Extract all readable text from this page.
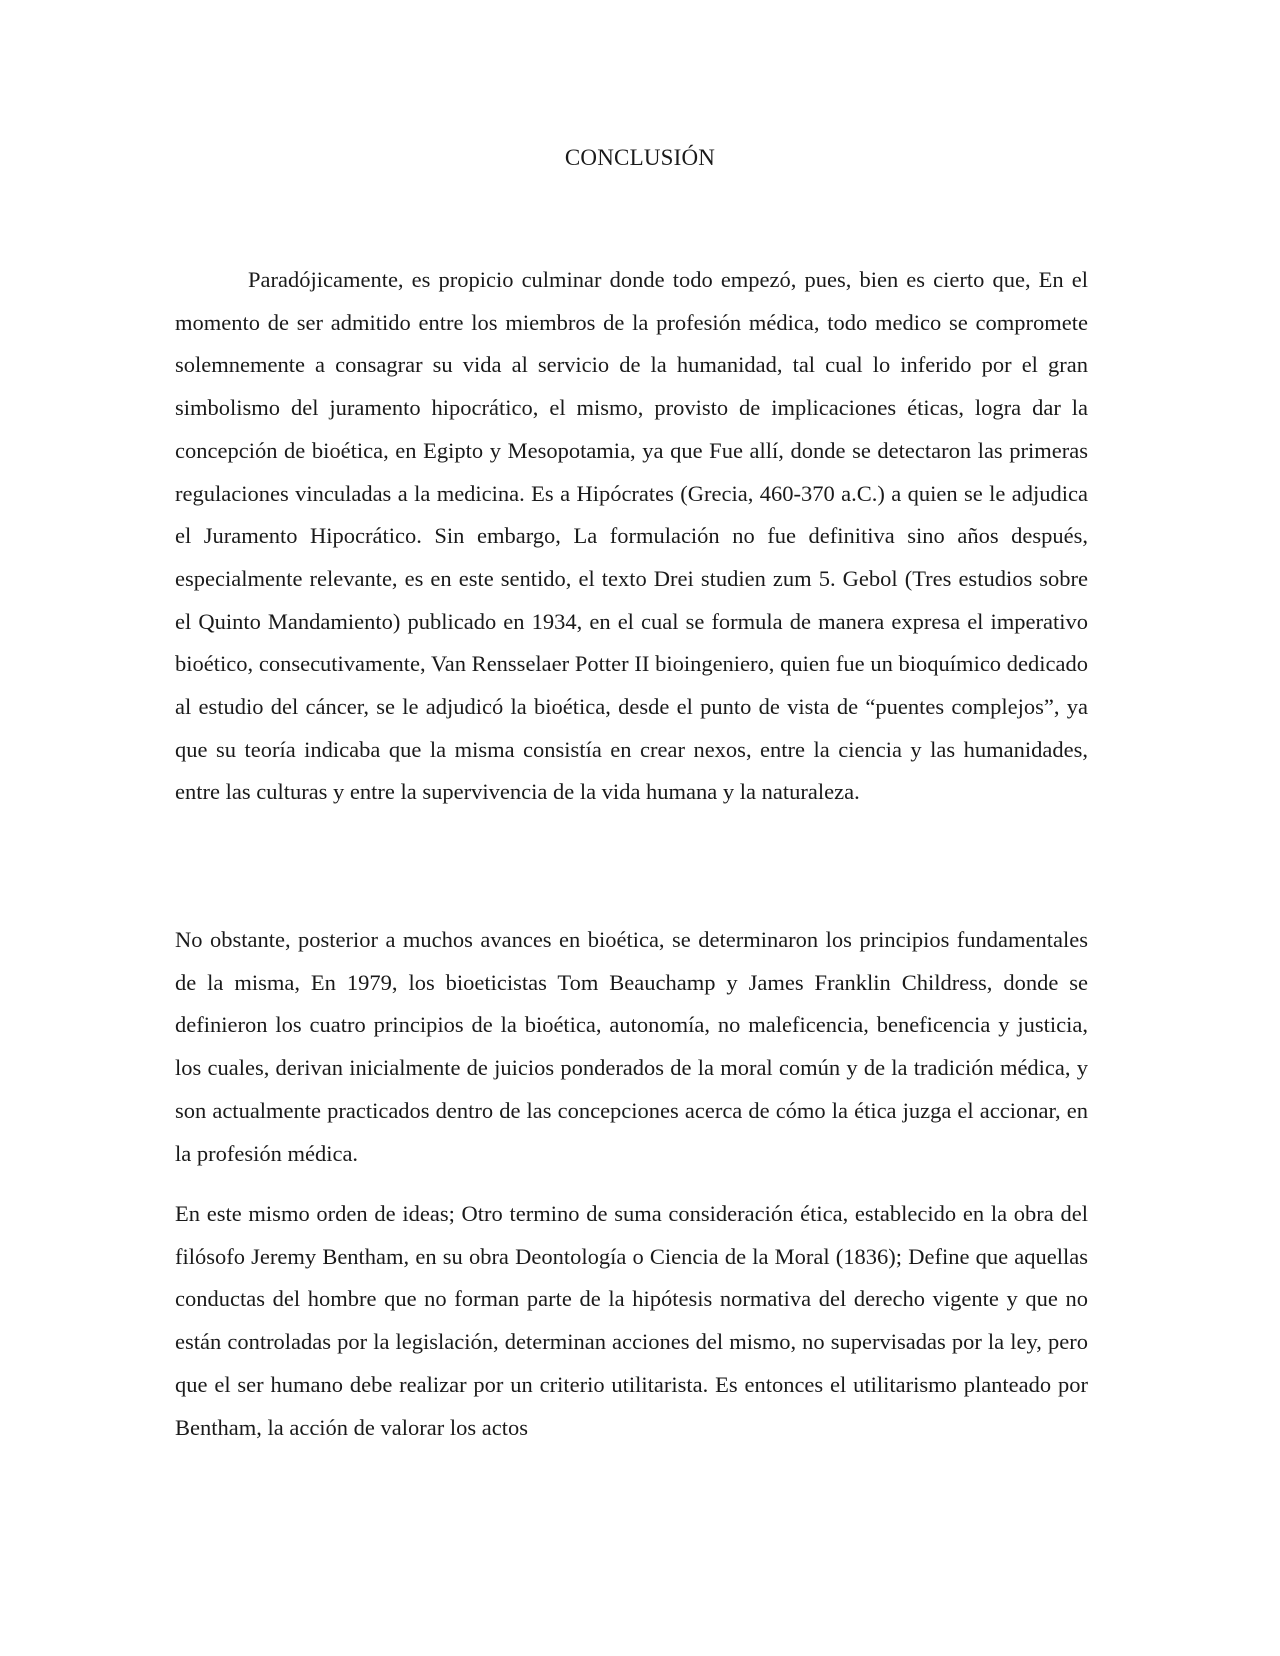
CONCLUSIÓN

Paradójicamente, es propicio culminar donde todo empezó, pues, bien es cierto que, En el momento de ser admitido entre los miembros de la profesión médica, todo medico se compromete solemnemente a consagrar su vida al servicio de la humanidad, tal cual lo inferido por el gran simbolismo del juramento hipocrático, el mismo, provisto de implicaciones éticas, logra dar la concepción de bioética, en Egipto y Mesopotamia, ya que Fue allí, donde se detectaron las primeras regulaciones vinculadas a la medicina. Es a Hipócrates (Grecia, 460-370 a.C.) a quien se le adjudica el Juramento Hipocrático. Sin embargo, La formulación no fue definitiva sino años después, especialmente relevante, es en este sentido, el texto Drei studien zum 5. Gebol (Tres estudios sobre el Quinto Mandamiento) publicado en 1934, en el cual se formula de manera expresa el imperativo bioético, consecutivamente, Van Rensselaer Potter II bioingeniero, quien fue un bioquímico dedicado al estudio del cáncer, se le adjudicó la bioética, desde el punto de vista de “puentes complejos”, ya que su teoría indicaba que la misma consistía en crear nexos, entre la ciencia y las humanidades, entre las culturas y entre la supervivencia de la vida humana y la naturaleza.

No obstante, posterior a muchos avances en bioética, se determinaron los principios fundamentales de la misma, En 1979, los bioeticistas Tom Beauchamp y James Franklin Childress, donde se definieron los cuatro principios de la bioética, autonomía, no maleficencia, beneficencia y justicia, los cuales, derivan inicialmente de juicios ponderados de la moral común y de la tradición médica, y son actualmente practicados dentro de las concepciones acerca de cómo la ética juzga el accionar, en la profesión médica.

En este mismo orden de ideas; Otro termino de suma consideración ética, establecido en la obra del filósofo Jeremy Bentham, en su obra Deontología o Ciencia de la Moral (1836); Define que aquellas conductas del hombre que no forman parte de la hipótesis normativa del derecho vigente y que no están controladas por la legislación, determinan acciones del mismo, no supervisadas por la ley, pero que el ser humano debe realizar por un criterio utilitarista. Es entonces el utilitarismo planteado por Bentham, la acción de valorar los actos
